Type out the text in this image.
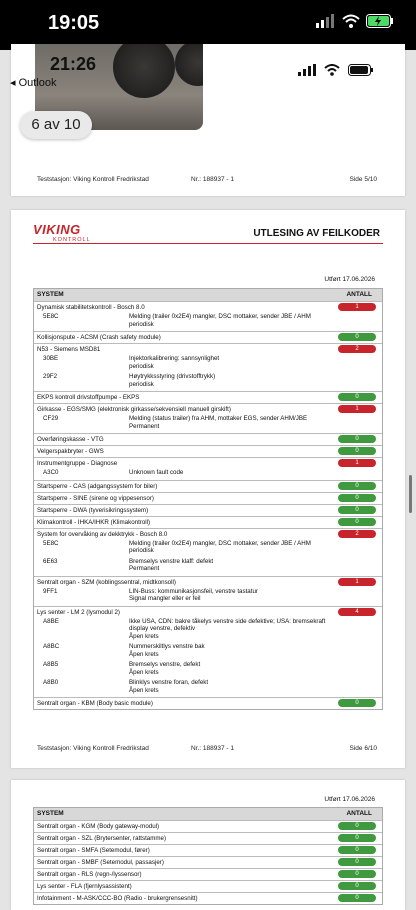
19:05
Teststasjon: Viking Kontroll Fredrikstad	Nr.: 188937 - 1	Side 5/10
21:26
◂ Outlook
6 av 10
VIKING
KONTROLL
UTLESING AV FEILKODER
Utført 17.06.2026
SYSTEM	ANTALL
Dynamisk stabilitetskontroll - Bosch 8.0	1
5E8C	Melding (trailer 0x2E4) mangler, DSC mottaker, sender JBE / AHM
periodisk
Kollisjonspute - ACSM (Crash safety module)	0
N53 - Siemens MSD81	2
30BE	Injektorkalibrering: sannsynlighet
periodisk
29F2	Høytrykksstyring (drivstofftrykk)
periodisk
EKPS kontroll drivstoffpumpe - EKPS	0
Girkasse - EGS/SMG (elektronisk girkasse/sekvensiell manuell girskift)	1
CF29	Melding (status trailer) fra AHM, mottaker EGS, sender AHM/JBE
Permanent
Overføringskasse - VTG	0
Velgerspakbryter - GWS	0
Instrumentgruppe - Diagnose	1
A3C0	Unknown fault code
Startsperre - CAS (adgangssystem for biler)	0
Startsperre - SINE (sirene og vippesensor)	0
Startsperre - DWA (tyverisikringssystem)	0
Klimakontroll - IHKA/IHKR (Klimakontroll)	0
System for overvåking av dekktrykk - Bosch 8.0	2
5E8C	Melding (trailer 0x2E4) mangler, DSC mottaker, sender JBE / AHM
periodisk
6E63	Bremselys venstre klaff: defekt
Permanent
Sentralt organ - SZM (koblingssentral, midtkonsoll)	1
9FF1	LIN-Buss: kommunikasjonsfeil, venstre tastatur
Signal mangler eller er feil
Lys senter - LM 2 (lysmodul 2)	4
A8BE	Ikke USA, CDN: bakre tåkelys venstre side defektive; USA: bremsekraft
display venstre, defektiv
Åpen krets
A8BC	Nummerskiltlys venstre bak
Åpen krets
A8B5	Bremselys venstre, defekt
Åpen krets
A8B0	Blinklys venstre foran, defekt
Åpen krets
Sentralt organ - KBM (Body basic module)	0
Teststasjon: Viking Kontroll Fredrikstad	Nr.: 188937 - 1	Side 6/10
Utført 17.06.2026
SYSTEM	ANTALL
Sentralt organ - KGM (Body gateway-modul)	0
Sentralt organ - SZL (Brytersenter, rattstamme)	0
Sentralt organ - SMFA (Setemodul, fører)	0
Sentralt organ - SMBF (Setemodul, passasjer)	0
Sentralt organ - RLS (regn-/lyssensor)	0
Lys senter - FLA (fjernlysassistent)	0
Infotainment - M-ASK/CCC-BO (Radio - brukergrensesnitt)	0
